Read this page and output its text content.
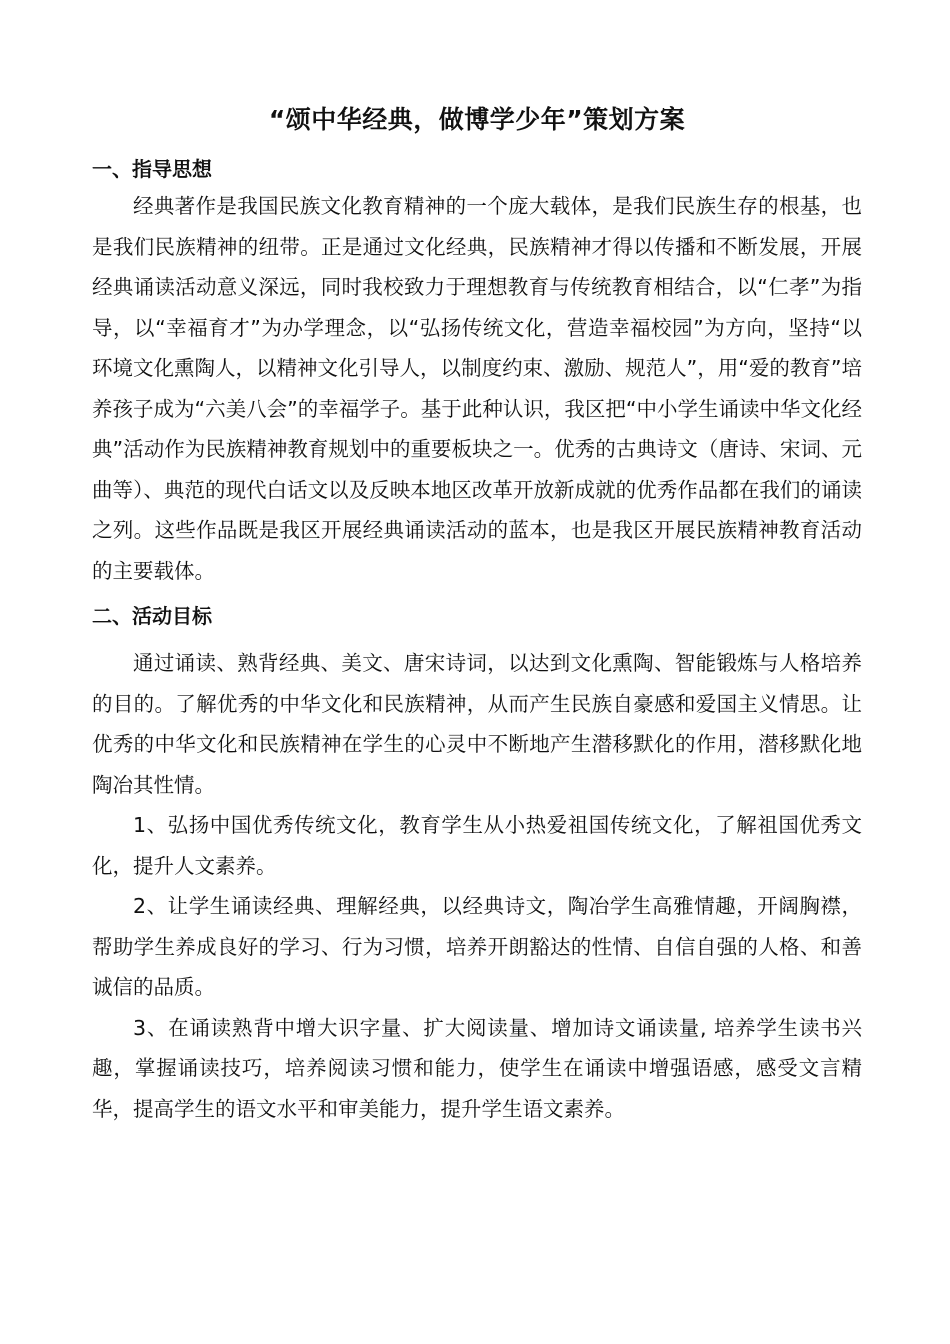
“颂中华经典，做博学少年”策划方案
一、指导思想

经典著作是我国民族文化教育精神的一个庞大载体，是我们民族生存的根基，也是我们民族精神的纽带。正是通过文化经典，民族精神才得以传播和不断发展，开展经典诵读活动意义深远，同时我校致力于理想教育与传统教育相结合，以“仁孝”为指导，以“幸福育才”为办学理念，以“弘扬传统文化，营造幸福校园”为方向，坚持“以环境文化熏陶人，以精神文化引导人，以制度约束、激励、规范人”，用“爱的教育”培养孩子成为“六美八会”的幸福学子。基于此种认识，我区把“中小学生诵读中华文化经典”活动作为民族精神教育规划中的重要板块之一。优秀的古典诗文（唐诗、宋词、元曲等）、典范的现代白话文以及反映本地区改革开放新成就的优秀作品都在我们的诵读之列。这些作品既是我区开展经典诵读活动的蓝本，也是我区开展民族精神教育活动的主要载体。

二、活动目标

通过诵读、熟背经典、美文、唐宋诗词，以达到文化熏陶、智能锻炼与人格培养的目的。了解优秀的中华文化和民族精神，从而产生民族自豪感和爱国主义情思。让优秀的中华文化和民族精神在学生的心灵中不断地产生潜移默化的作用，潜移默化地陶冶其性情。

1、弘扬中国优秀传统文化，教育学生从小热爱祖国传统文化，了解祖国优秀文化，提升人文素养。

2、让学生诵读经典、理解经典，以经典诗文，陶冶学生高雅情趣，开阔胸襟，帮助学生养成良好的学习、行为习惯，培养开朗豁达的性情、自信自强的人格、和善诚信的品质。

3、在诵读熟背中增大识字量、扩大阅读量、增加诗文诵读量, 培养学生读书兴趣，掌握诵读技巧，培养阅读习惯和能力，使学生在诵读中增强语感，感受文言精华，提高学生的语文水平和审美能力，提升学生语文素养。
